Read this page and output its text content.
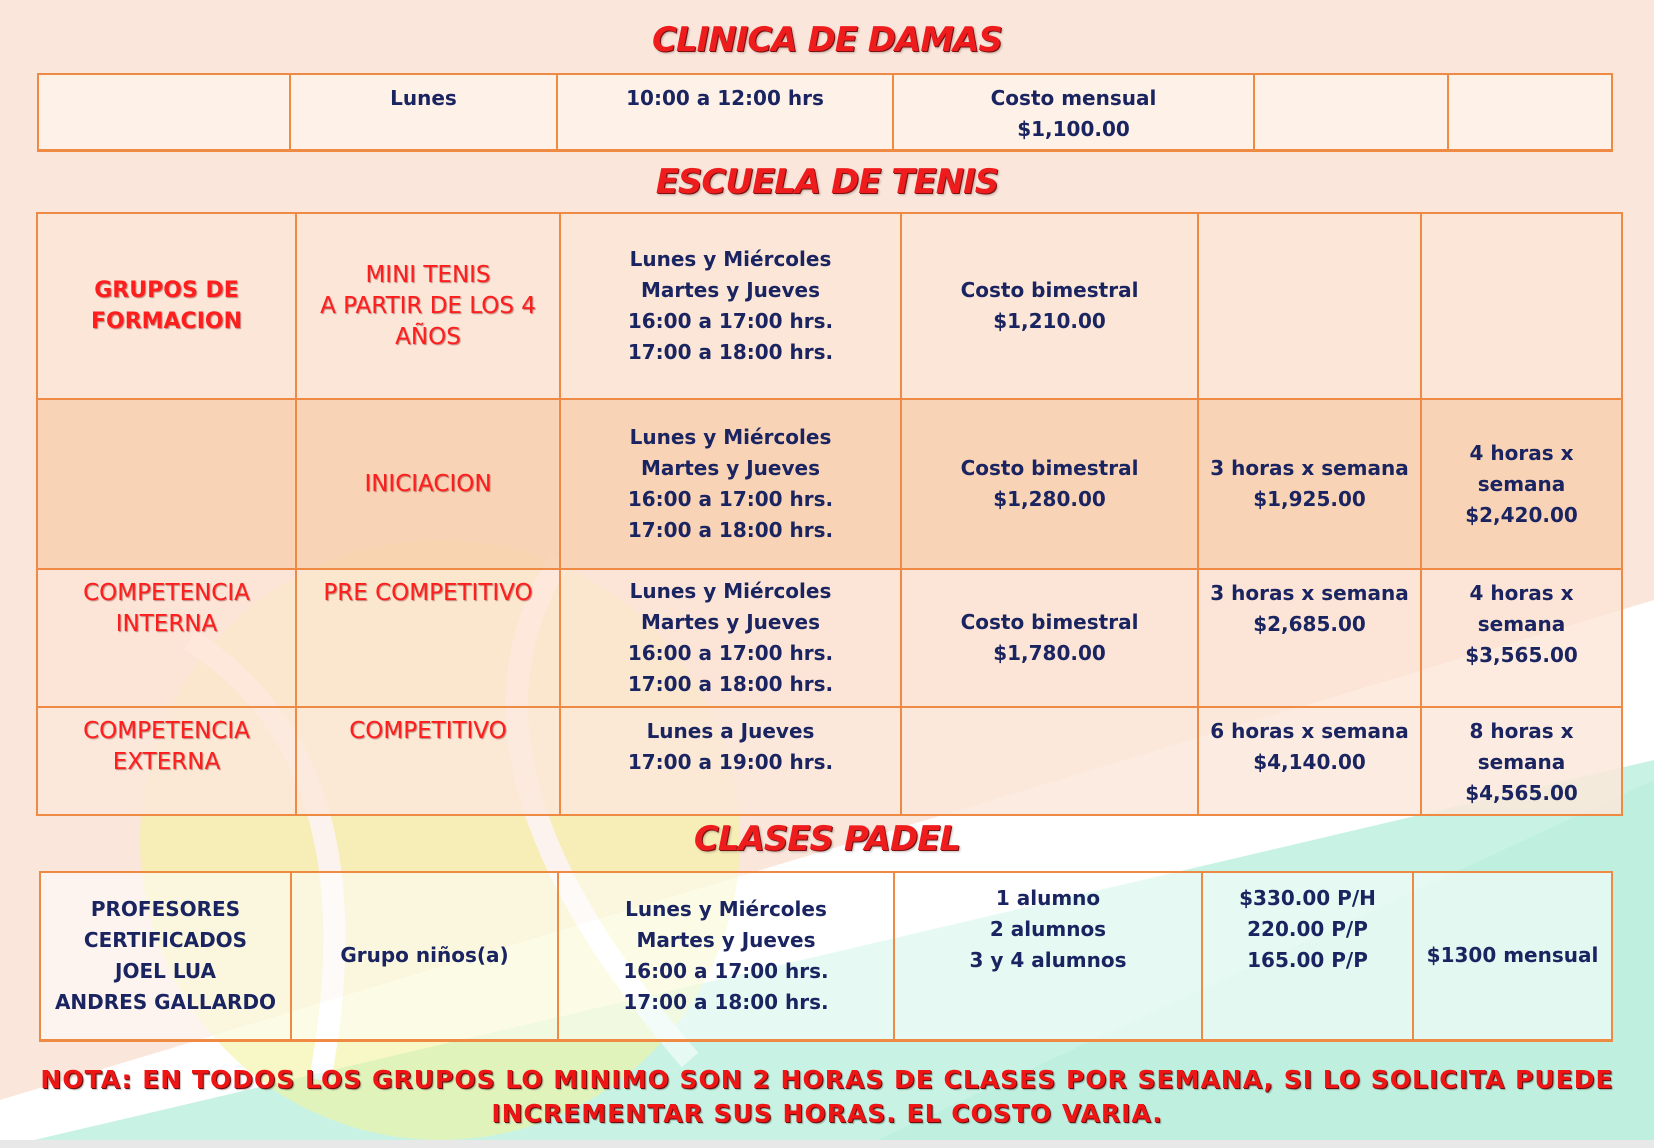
CLINICA DE DAMAS
	Lunes	10:00 a 12:00 hrs	Costo mensual
$1,100.00

ESCUELA DE TENIS
GRUPOS DE
FORMACION	MINI TENIS
A PARTIR DE LOS 4
AÑOS	Lunes y Miércoles
Martes y Jueves
16:00 a 17:00 hrs.
17:00 a 18:00 hrs.	Costo bimestral
$1,210.00		

	INICIACION	Lunes y Miércoles
Martes y Jueves
16:00 a 17:00 hrs.
17:00 a 18:00 hrs.	Costo bimestral
$1,280.00	3 horas x semana
$1,925.00	4 horas x
semana
$2,420.00

COMPETENCIA
INTERNA	PRE COMPETITIVO	Lunes y Miércoles
Martes y Jueves
16:00 a 17:00 hrs.
17:00 a 18:00 hrs.	Costo bimestral
$1,780.00	3 horas x semana
$2,685.00	4 horas x
semana
$3,565.00

COMPETENCIA
EXTERNA	COMPETITIVO	Lunes a Jueves
17:00 a 19:00 hrs.		6 horas x semana
$4,140.00	8 horas x
semana
$4,565.00
CLASES PADEL
PROFESORES
CERTIFICADOS
JOEL LUA
ANDRES GALLARDO

Grupo niños(a)

Lunes y Miércoles
Martes y Jueves
16:00 a 17:00 hrs.
17:00 a 18:00 hrs.

1 alumno
2 alumnos
3 y 4 alumnos

$330.00 P/H
220.00 P/P
165.00 P/P	$1300 mensual
NOTA: EN TODOS LOS GRUPOS LO MINIMO SON 2 HORAS DE CLASES POR SEMANA, SI LO SOLICITA PUEDE
INCREMENTAR SUS HORAS. EL COSTO VARIA.
